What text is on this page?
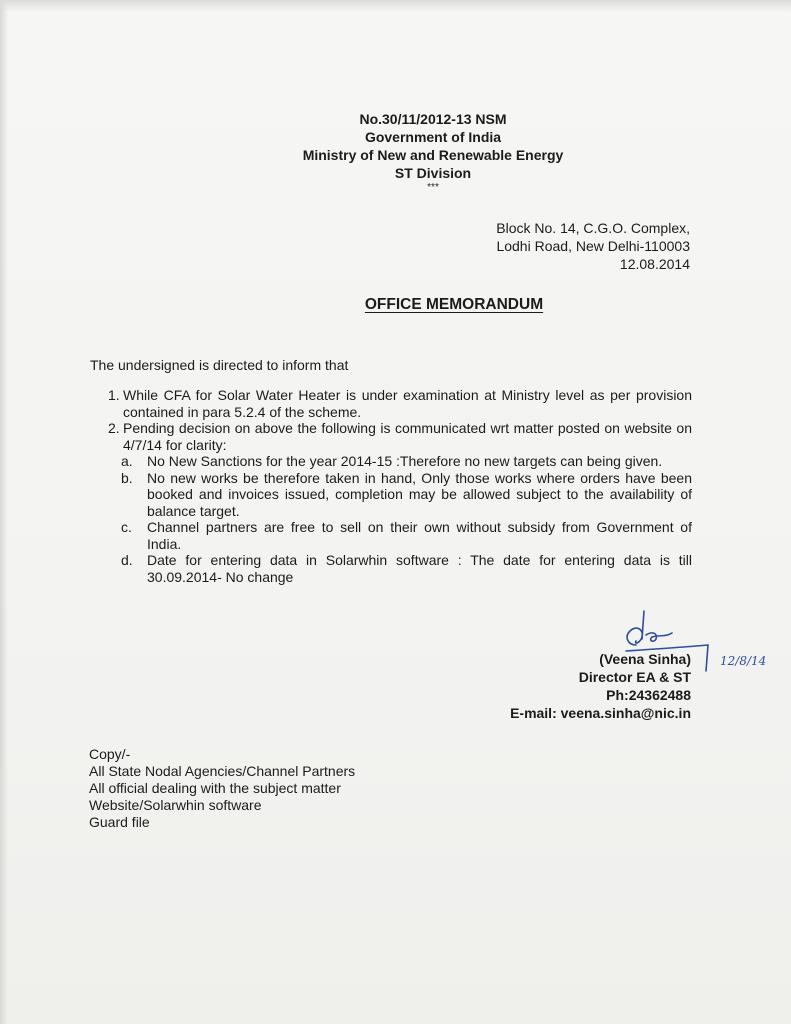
No.30/11/2012-13 NSM
Government of India
Ministry of New and Renewable Energy
ST Division
***
Block No. 14, C.G.O. Complex,
Lodhi Road, New Delhi-110003
12.08.2014
OFFICE MEMORANDUM
The undersigned is directed to inform that
1. While CFA for Solar Water Heater is under examination at Ministry level as per provision contained in para 5.2.4 of the scheme.
2. Pending decision on above the following is communicated wrt matter posted on website on 4/7/14 for clarity:
a.	No New Sanctions for the year 2014-15 :Therefore no new targets can being given.
b.	No new works be therefore taken in hand, Only those works where orders have been booked and invoices issued, completion may be allowed subject to the availability of balance target.
c.	Channel partners are free to sell on their own without subsidy from Government of India.
d.	Date for entering data in Solarwhin software : The date for entering data is till 30.09.2014- No change
12/8/14
(Veena Sinha)
Director EA & ST
Ph:24362488
E-mail: veena.sinha@nic.in
Copy/-
All State Nodal Agencies/Channel Partners
All official dealing with the subject matter
Website/Solarwhin software
Guard file
